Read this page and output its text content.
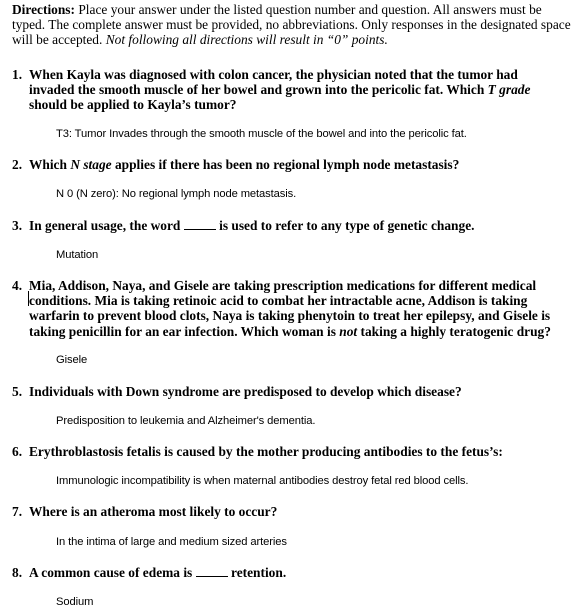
Directions: Place your answer under the listed question number and question. All answers must be typed. The complete answer must be provided, no abbreviations. Only responses in the designated space will be accepted. Not following all directions will result in “0” points.

1. When Kayla was diagnosed with colon cancer, the physician noted that the tumor had invaded the smooth muscle of her bowel and grown into the pericolic fat. Which T grade should be applied to Kayla’s tumor?
T3: Tumor Invades through the smooth muscle of the bowel and into the pericolic fat.
2. Which N stage applies if there has been no regional lymph node metastasis?
N 0 (N zero): No regional lymph node metastasis.
3. In general usage, the word	is used to refer to any type of genetic change.
Mutation
4. Mia, Addison, Naya, and Gisele are taking prescription medications for different medical conditions. Mia is taking retinoic acid to combat her intractable acne, Addison is taking warfarin to prevent blood clots, Naya is taking phenytoin to treat her epilepsy, and Gisele is taking penicillin for an ear infection. Which woman is not taking a highly teratogenic drug?
Gisele
5. Individuals with Down syndrome are predisposed to develop which disease?
Predisposition to leukemia and Alzheimer's dementia.
6. Erythroblastosis fetalis is caused by the mother producing antibodies to the fetus’s:
Immunologic incompatibility is when maternal antibodies destroy fetal red blood cells.
7. Where is an atheroma most likely to occur?
In the intima of large and medium sized arteries
8. A common cause of edema is	retention.
Sodium
